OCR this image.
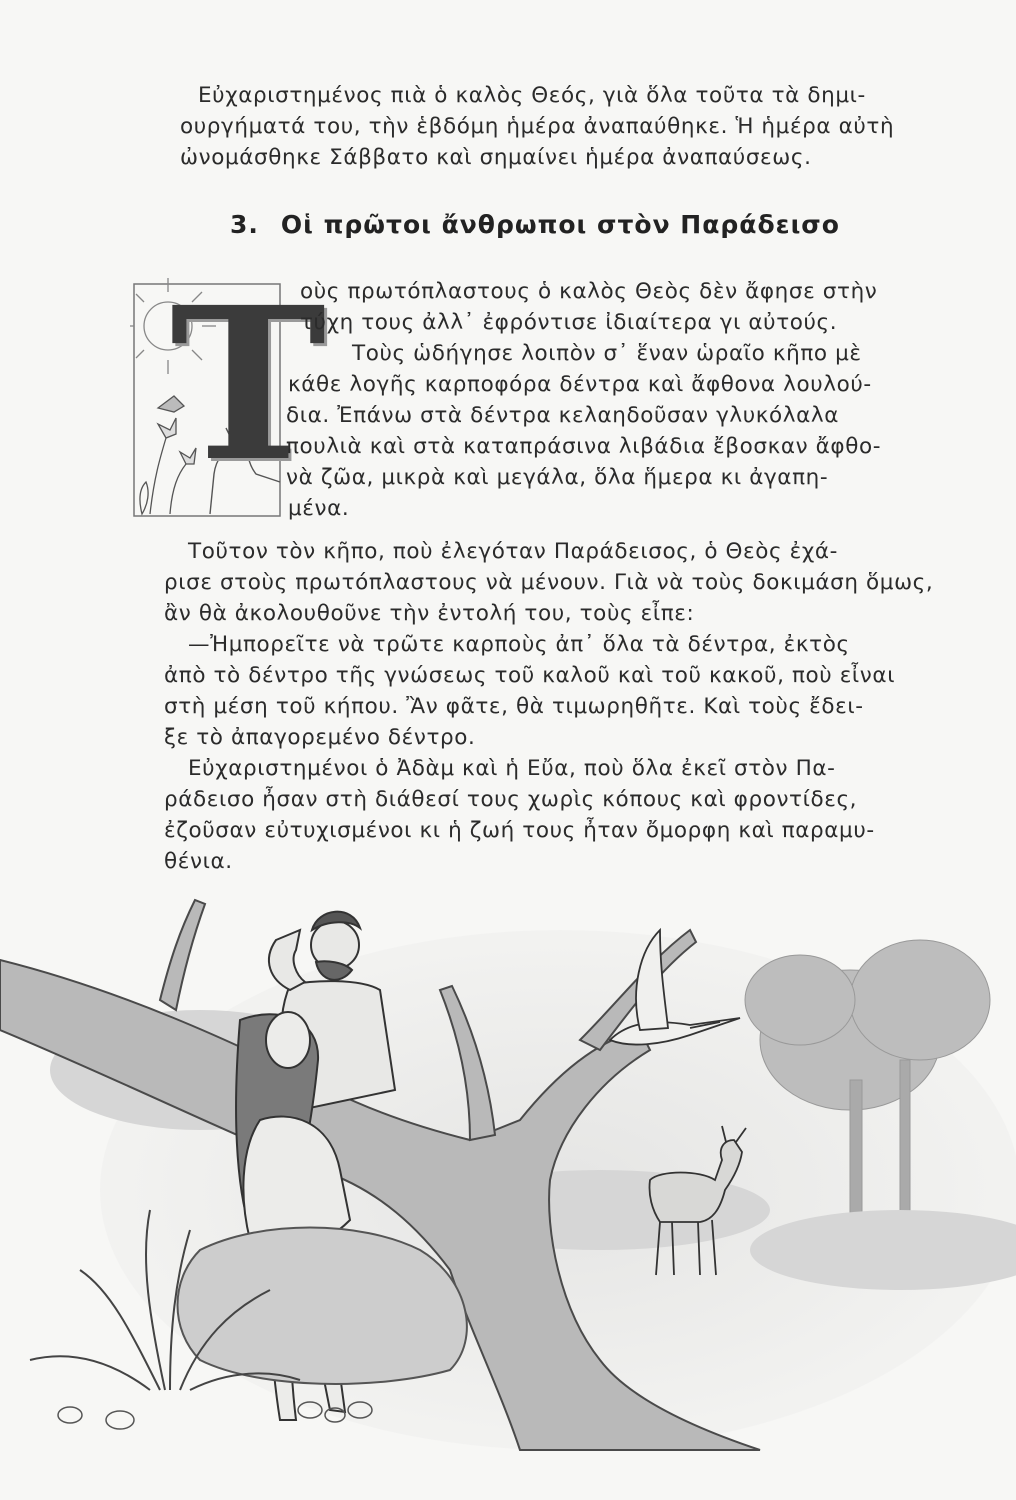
Εὐχαριστημένος πιὰ ὁ καλὸς Θεός, γιὰ ὅλα τοῦτα τὰ δημι-
ουργήματά του, τὴν ἑβδόμη ἡμέρα ἀναπαύθηκε. Ἡ ἡμέρα αὐτὴ
ὠνομάσθηκε Σάββατο καὶ σημαίνει ἡμέρα ἀναπαύσεως.
3. Οἱ πρῶτοι ἄνθρωποι στὸν Παράδεισο
Τ
οὺς πρωτόπλαστους ὁ καλὸς Θεὸς δὲν ἄφησε στὴν
τύχη τους ἀλλ᾽ ἐφρόντισε ἰδιαίτερα γι αὐτούς.
Τοὺς ὡδήγησε λοιπὸν σ᾽ ἕναν ὡραῖο κῆπο μὲ
κάθε λογῆς καρποφόρα δέντρα καὶ ἄφθονα λουλού-
δια. Ἐπάνω στὰ δέντρα κελαηδοῦσαν γλυκόλαλα
πουλιὰ καὶ στὰ καταπράσινα λιβάδια ἔβοσκαν ἄφθο-
νὰ ζῶα, μικρὰ καὶ μεγάλα, ὅλα ἥμερα κι ἀγαπη-
μένα.
Τοῦτον τὸν κῆπο, ποὺ ἐλεγόταν Παράδεισος, ὁ Θεὸς ἐχά-
ρισε στοὺς πρωτόπλαστους νὰ μένουν. Γιὰ νὰ τοὺς δοκιμάση ὅμως,
ἂν θὰ ἀκολουθοῦνε τὴν ἐντολή του, τοὺς εἶπε:
—Ἠμπορεῖτε νὰ τρῶτε καρποὺς ἀπ᾽ ὅλα τὰ δέντρα, ἐκτὸς
ἀπὸ τὸ δέντρο τῆς γνώσεως τοῦ καλοῦ καὶ τοῦ κακοῦ, ποὺ εἶναι
στὴ μέση τοῦ κήπου. Ἂν φᾶτε, θὰ τιμωρηθῆτε. Καὶ τοὺς ἔδει-
ξε τὸ ἀπαγορεμένο δέντρο.
Εὐχαριστημένοι ὁ Ἀδὰμ καὶ ἡ Εὔα, ποὺ ὅλα ἐκεῖ στὸν Πα-
ράδεισο ἦσαν στὴ διάθεσί τους χωρὶς κόπους καὶ φροντίδες,
ἐζοῦσαν εὐτυχισμένοι κι ἡ ζωή τους ἦταν ὄμορφη καὶ παραμυ-
θένια.
